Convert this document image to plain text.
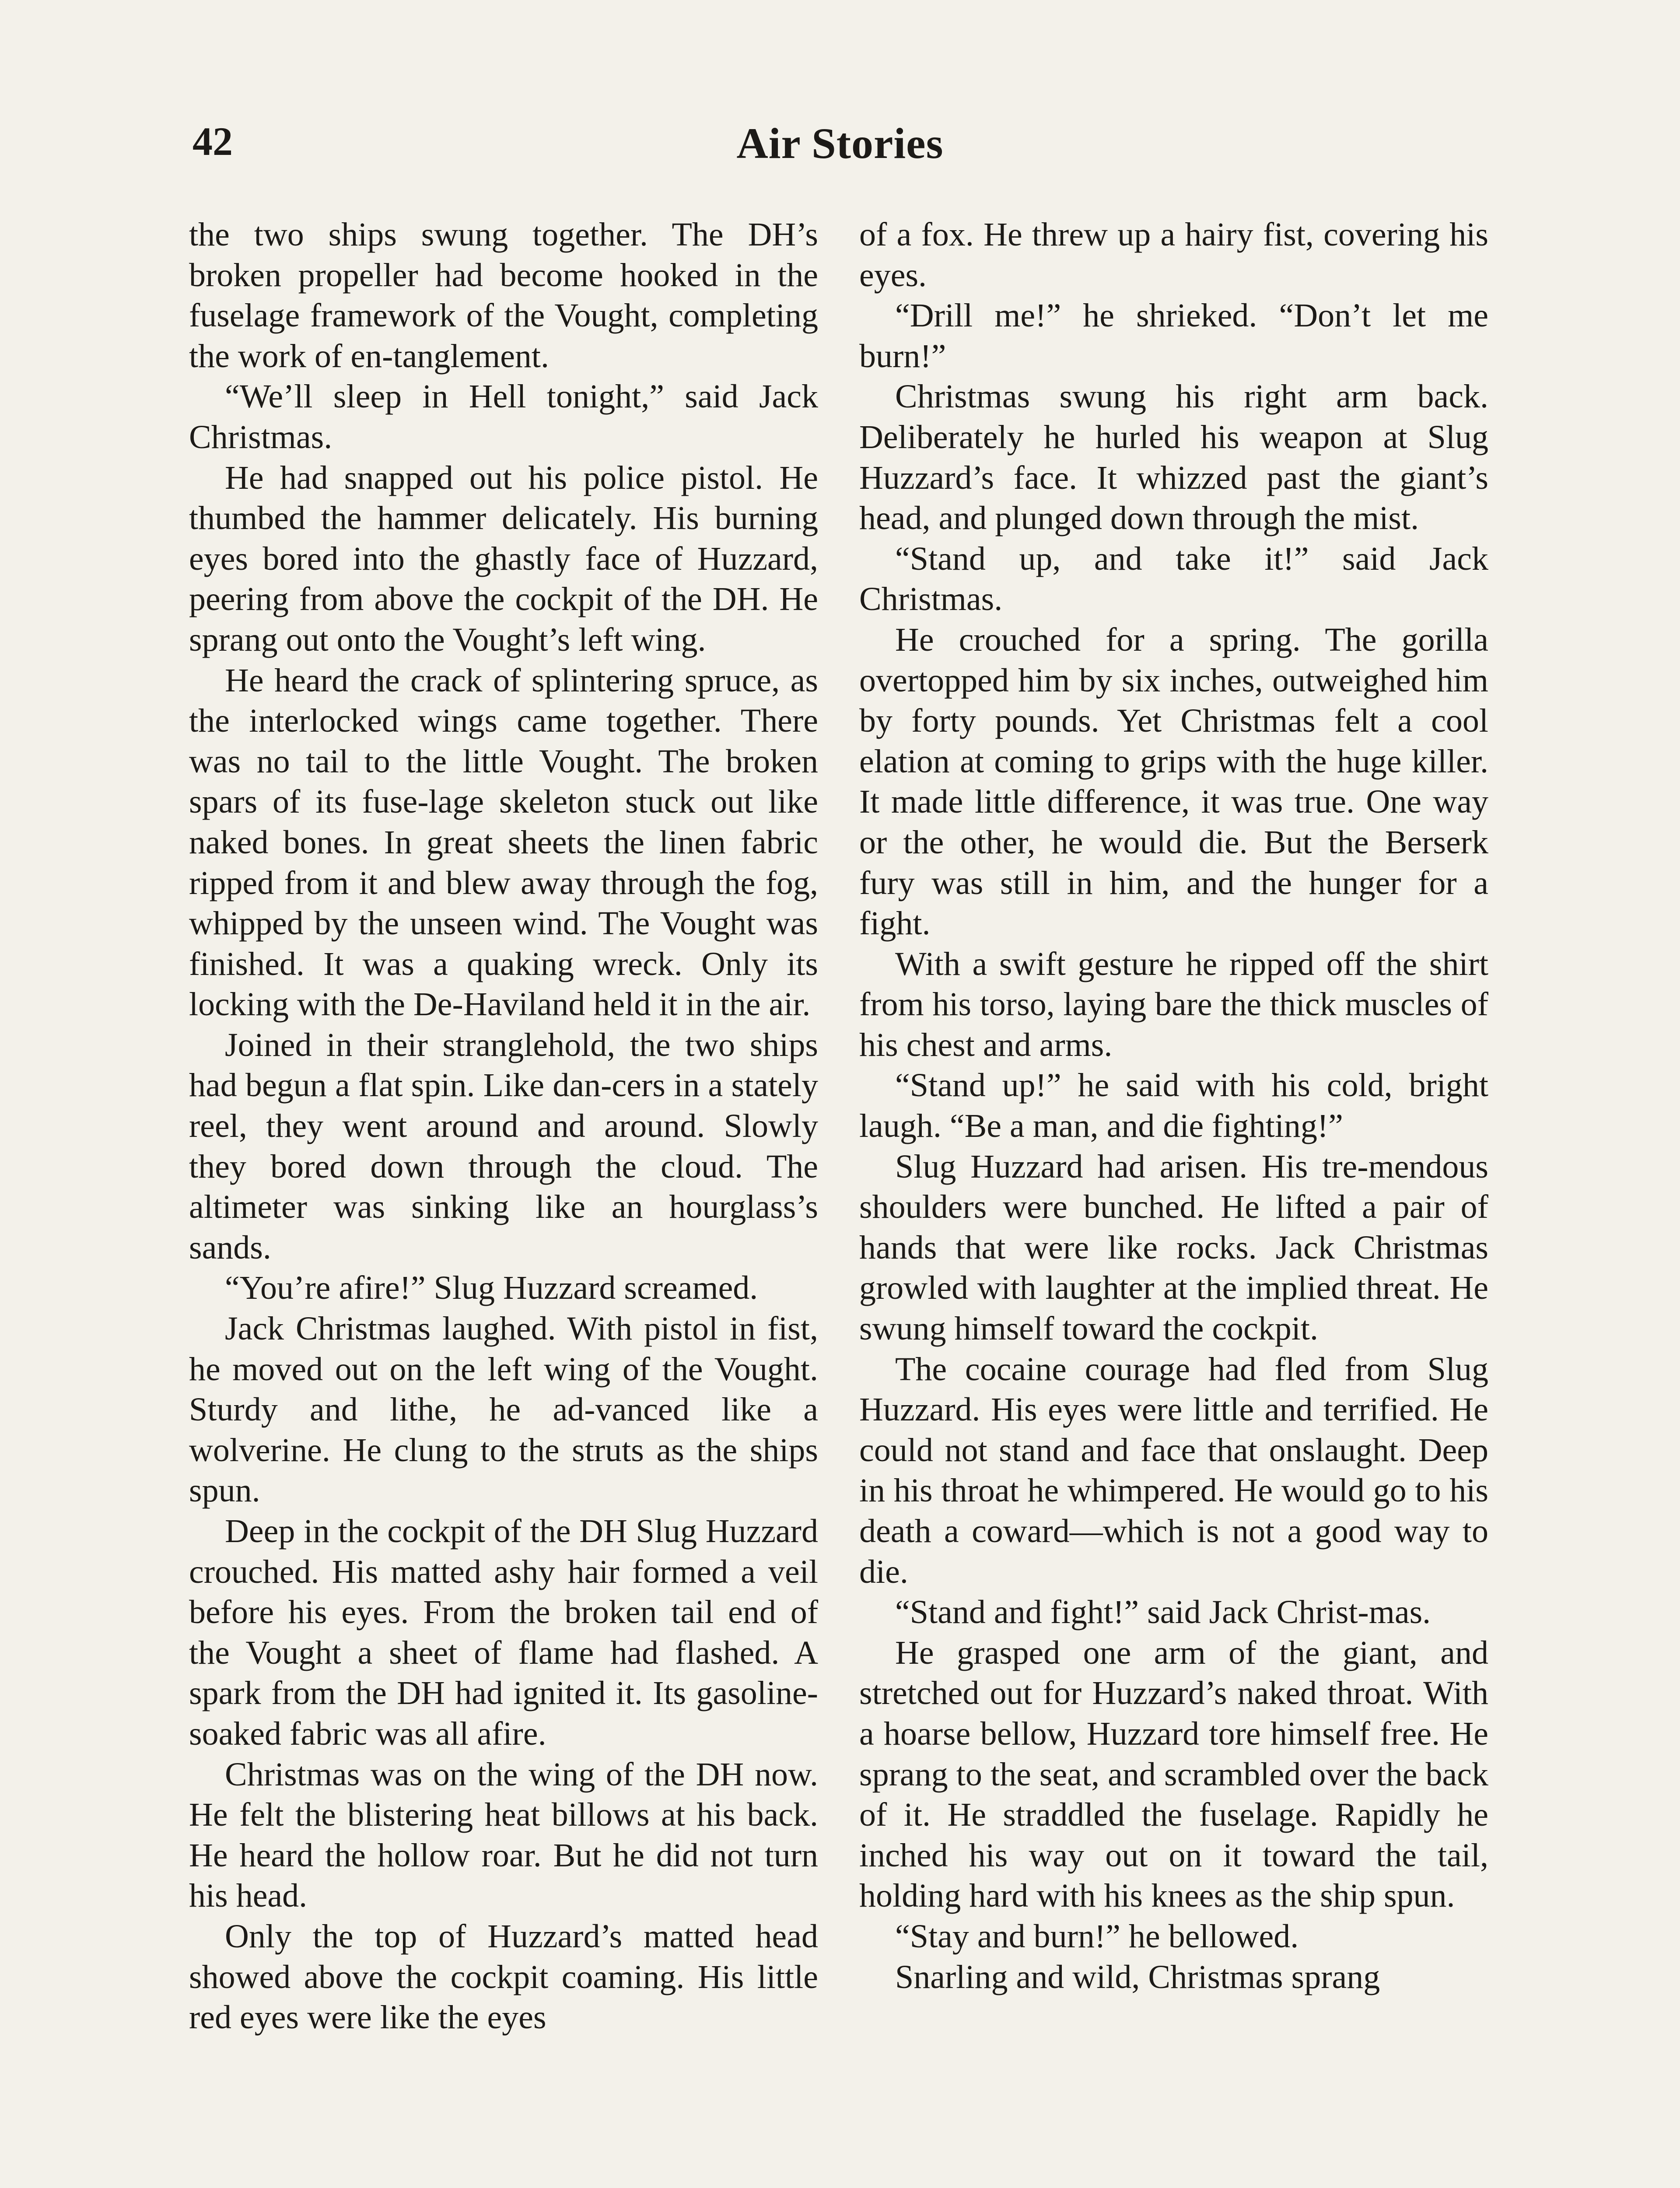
42	Air Stories

the two ships swung together. The DH’s broken propeller had become hooked in the fuselage framework of the Vought, completing the work of en-tanglement.

“We’ll sleep in Hell tonight,” said Jack Christmas.

He had snapped out his police pistol. He thumbed the hammer delicately. His burning eyes bored into the ghastly face of Huzzard, peering from above the cockpit of the DH. He sprang out onto the Vought’s left wing.

He heard the crack of splintering spruce, as the interlocked wings came together. There was no tail to the little Vought. The broken spars of its fuse-lage skeleton stuck out like naked bones. In great sheets the linen fabric ripped from it and blew away through the fog, whipped by the unseen wind. The Vought was finished. It was a quaking wreck. Only its locking with the De-Haviland held it in the air.

Joined in their stranglehold, the two ships had begun a flat spin. Like dan-cers in a stately reel, they went around and around. Slowly they bored down through the cloud. The altimeter was sinking like an hourglass’s sands.

“You’re afire!” Slug Huzzard screamed.

Jack Christmas laughed. With pistol in fist, he moved out on the left wing of the Vought. Sturdy and lithe, he ad-vanced like a wolverine. He clung to the struts as the ships spun.

Deep in the cockpit of the DH Slug Huzzard crouched. His matted ashy hair formed a veil before his eyes. From the broken tail end of the Vought a sheet of flame had flashed. A spark from the DH had ignited it. Its gasoline-soaked fabric was all afire.

Christmas was on the wing of the DH now. He felt the blistering heat billows at his back. He heard the hollow roar. But he did not turn his head.

Only the top of Huzzard’s matted head showed above the cockpit coaming. His little red eyes were like the eyes

of a fox. He threw up a hairy fist, covering his eyes.

“Drill me!” he shrieked. “Don’t let me burn!”

Christmas swung his right arm back. Deliberately he hurled his weapon at Slug Huzzard’s face. It whizzed past the giant’s head, and plunged down through the mist.

“Stand up, and take it!” said Jack Christmas.

He crouched for a spring. The gorilla overtopped him by six inches, outweighed him by forty pounds. Yet Christmas felt a cool elation at coming to grips with the huge killer. It made little difference, it was true. One way or the other, he would die. But the Berserk fury was still in him, and the hunger for a fight.

With a swift gesture he ripped off the shirt from his torso, laying bare the thick muscles of his chest and arms.

“Stand up!” he said with his cold, bright laugh. “Be a man, and die fighting!”

Slug Huzzard had arisen. His tre-mendous shoulders were bunched. He lifted a pair of hands that were like rocks. Jack Christmas growled with laughter at the implied threat. He swung himself toward the cockpit.

The cocaine courage had fled from Slug Huzzard. His eyes were little and terrified. He could not stand and face that onslaught. Deep in his throat he whimpered. He would go to his death a coward—which is not a good way to die.

“Stand and fight!” said Jack Christ-mas.

He grasped one arm of the giant, and stretched out for Huzzard’s naked throat. With a hoarse bellow, Huzzard tore himself free. He sprang to the seat, and scrambled over the back of it. He straddled the fuselage. Rapidly he inched his way out on it toward the tail, holding hard with his knees as the ship spun.

“Stay and burn!” he bellowed.

Snarling and wild, Christmas sprang
